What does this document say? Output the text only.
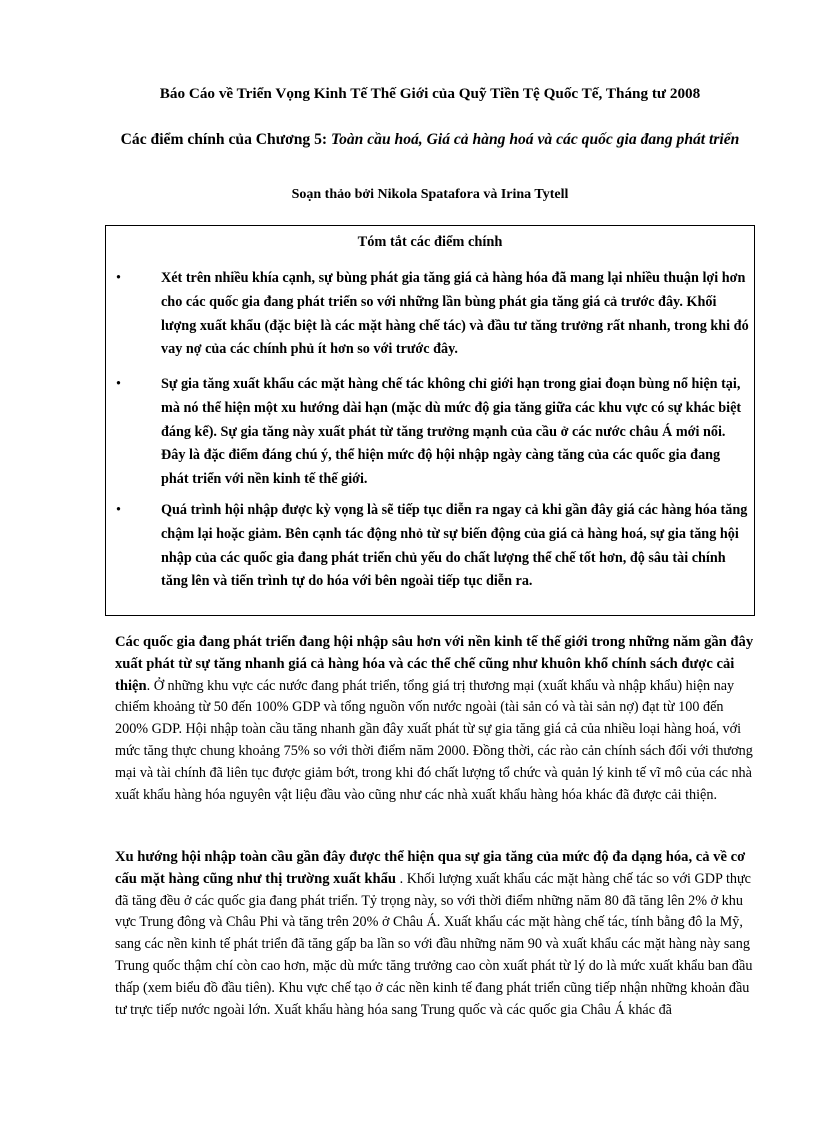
Báo Cáo về Triển Vọng Kinh Tế Thế Giới của Quỹ Tiền Tệ Quốc Tế, Tháng tư 2008
Các điểm chính của Chương 5: Toàn cầu hoá, Giá cả hàng hoá và các quốc gia đang phát triển

Soạn thảo bởi Nikola Spatafora và Irina Tytell

Tóm tắt các điểm chính

•	Xét trên nhiều khía cạnh, sự bùng phát gia tăng giá cả hàng hóa đã mang lại nhiều thuận lợi hơn cho các quốc gia đang phát triển so với những lần bùng phát gia tăng giá cả trước đây. Khối lượng xuất khẩu (đặc biệt là các mặt hàng chế tác) và đầu tư tăng trưởng rất nhanh, trong khi đó vay nợ của các chính phủ ít hơn so với trước đây.
•	Sự gia tăng xuất khẩu các mặt hàng chế tác không chỉ giới hạn trong giai đoạn bùng nổ hiện tại, mà nó thể hiện một xu hướng dài hạn (mặc dù mức độ gia tăng giữa các khu vực có sự khác biệt đáng kể). Sự gia tăng này xuất phát từ tăng trưởng mạnh của cầu ở các nước châu Á mới nổi. Đây là đặc điểm đáng chú ý, thể hiện mức độ hội nhập ngày càng tăng của các quốc gia đang phát triển với nền kinh tế thế giới.
•	Quá trình hội nhập được kỳ vọng là sẽ tiếp tục diễn ra ngay cả khi gần đây giá các hàng hóa tăng chậm lại hoặc giảm. Bên cạnh tác động nhỏ từ sự biến động của giá cả hàng hoá, sự gia tăng hội nhập của các quốc gia đang phát triển chủ yếu do chất lượng thể chế tốt hơn, độ sâu tài chính tăng lên và tiến trình tự do hóa với bên ngoài tiếp tục diễn ra.

Các quốc gia đang phát triển đang hội nhập sâu hơn với nền kinh tế thế giới trong những năm gần đây xuất phát từ sự tăng nhanh giá cả hàng hóa và các thể chế cũng như khuôn khổ chính sách được cải thiện. Ở những khu vực các nước đang phát triển, tổng giá trị thương mại (xuất khẩu và nhập khẩu) hiện nay chiếm khoảng từ 50 đến 100% GDP và tổng nguồn vốn nước ngoài (tài sản có và tài sản nợ) đạt từ 100 đến 200% GDP. Hội nhập toàn cầu tăng nhanh gần đây xuất phát từ sự gia tăng giá cả của nhiều loại hàng hoá, với mức tăng thực chung khoảng 75% so với thời điểm năm 2000. Đồng thời, các rào cản chính sách đối với thương mại và tài chính đã liên tục được giảm bớt, trong khi đó chất lượng tổ chức và quản lý kinh tế vĩ mô của các nhà xuất khẩu hàng hóa nguyên vật liệu đầu vào cũng như các nhà xuất khẩu hàng hóa khác đã được cải thiện.

Xu hướng hội nhập toàn cầu gần đây được thể hiện qua sự gia tăng của mức độ đa dạng hóa, cả về cơ cấu mặt hàng cũng như thị trường xuất khẩu . Khối lượng xuất khẩu các mặt hàng chế tác so với GDP thực đã tăng đều ở các quốc gia đang phát triển. Tỷ trọng này, so với thời điểm những năm 80 đã tăng lên 2% ở khu vực Trung đông và Châu Phi và tăng trên 20% ở Châu Á. Xuất khẩu các mặt hàng chế tác, tính bằng đô la Mỹ, sang các nền kinh tế phát triển đã tăng gấp ba lần so với đầu những năm 90 và xuất khẩu các mặt hàng này sang Trung quốc thậm chí còn cao hơn, mặc dù mức tăng trưởng cao còn xuất phát từ lý do là mức xuất khẩu ban đầu thấp (xem biểu đồ đầu tiên). Khu vực chế tạo ở các nền kinh tế đang phát triển cũng tiếp nhận những khoản đầu tư trực tiếp nước ngoài lớn. Xuất khẩu hàng hóa sang Trung quốc và các quốc gia Châu Á khác đã
